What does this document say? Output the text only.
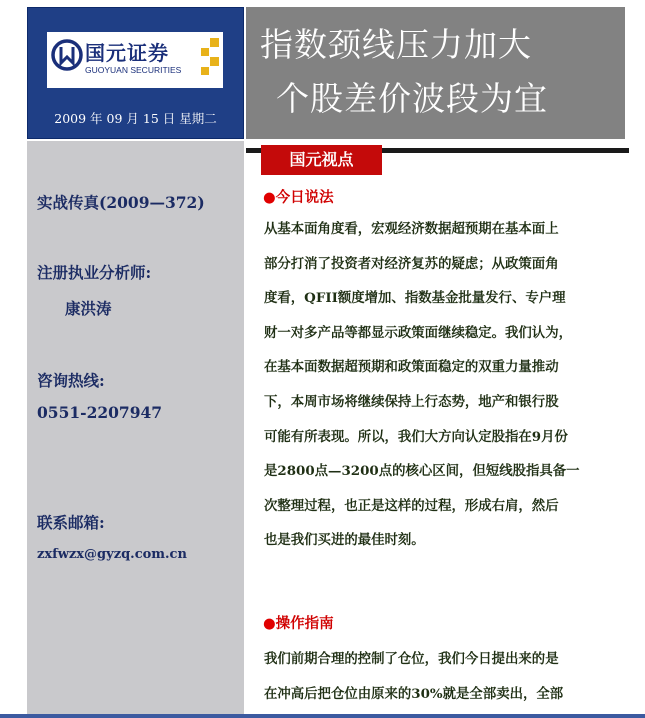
国元证券
GUOYUAN SECURITIES
2009 年 09 月 15 日 星期二
指数颈线压力加大
个股差价波段为宜
实战传真(2009—372)
注册执业分析师:
康洪涛
咨询热线:
0551-2207947
联系邮箱:
zxfwzx@gyzq.com.cn
国元视点
●今日说法
从基本面角度看，宏观经济数据超预期在基本面上
部分打消了投资者对经济复苏的疑虑；从政策面角
度看，QFII额度增加、指数基金批量发行、专户理
财一对多产品等都显示政策面继续稳定。我们认为，
在基本面数据超预期和政策面稳定的双重力量推动
下，本周市场将继续保持上行态势，地产和银行股
可能有所表现。所以，我们大方向认定股指在9月份
是2800点—3200点的核心区间，但短线股指具备一
次整理过程，也正是这样的过程，形成右肩，然后
也是我们买进的最佳时刻。
●操作指南
我们前期合理的控制了仓位，我们今日提出来的是
在冲高后把仓位由原来的30%就是全部卖出，全部
